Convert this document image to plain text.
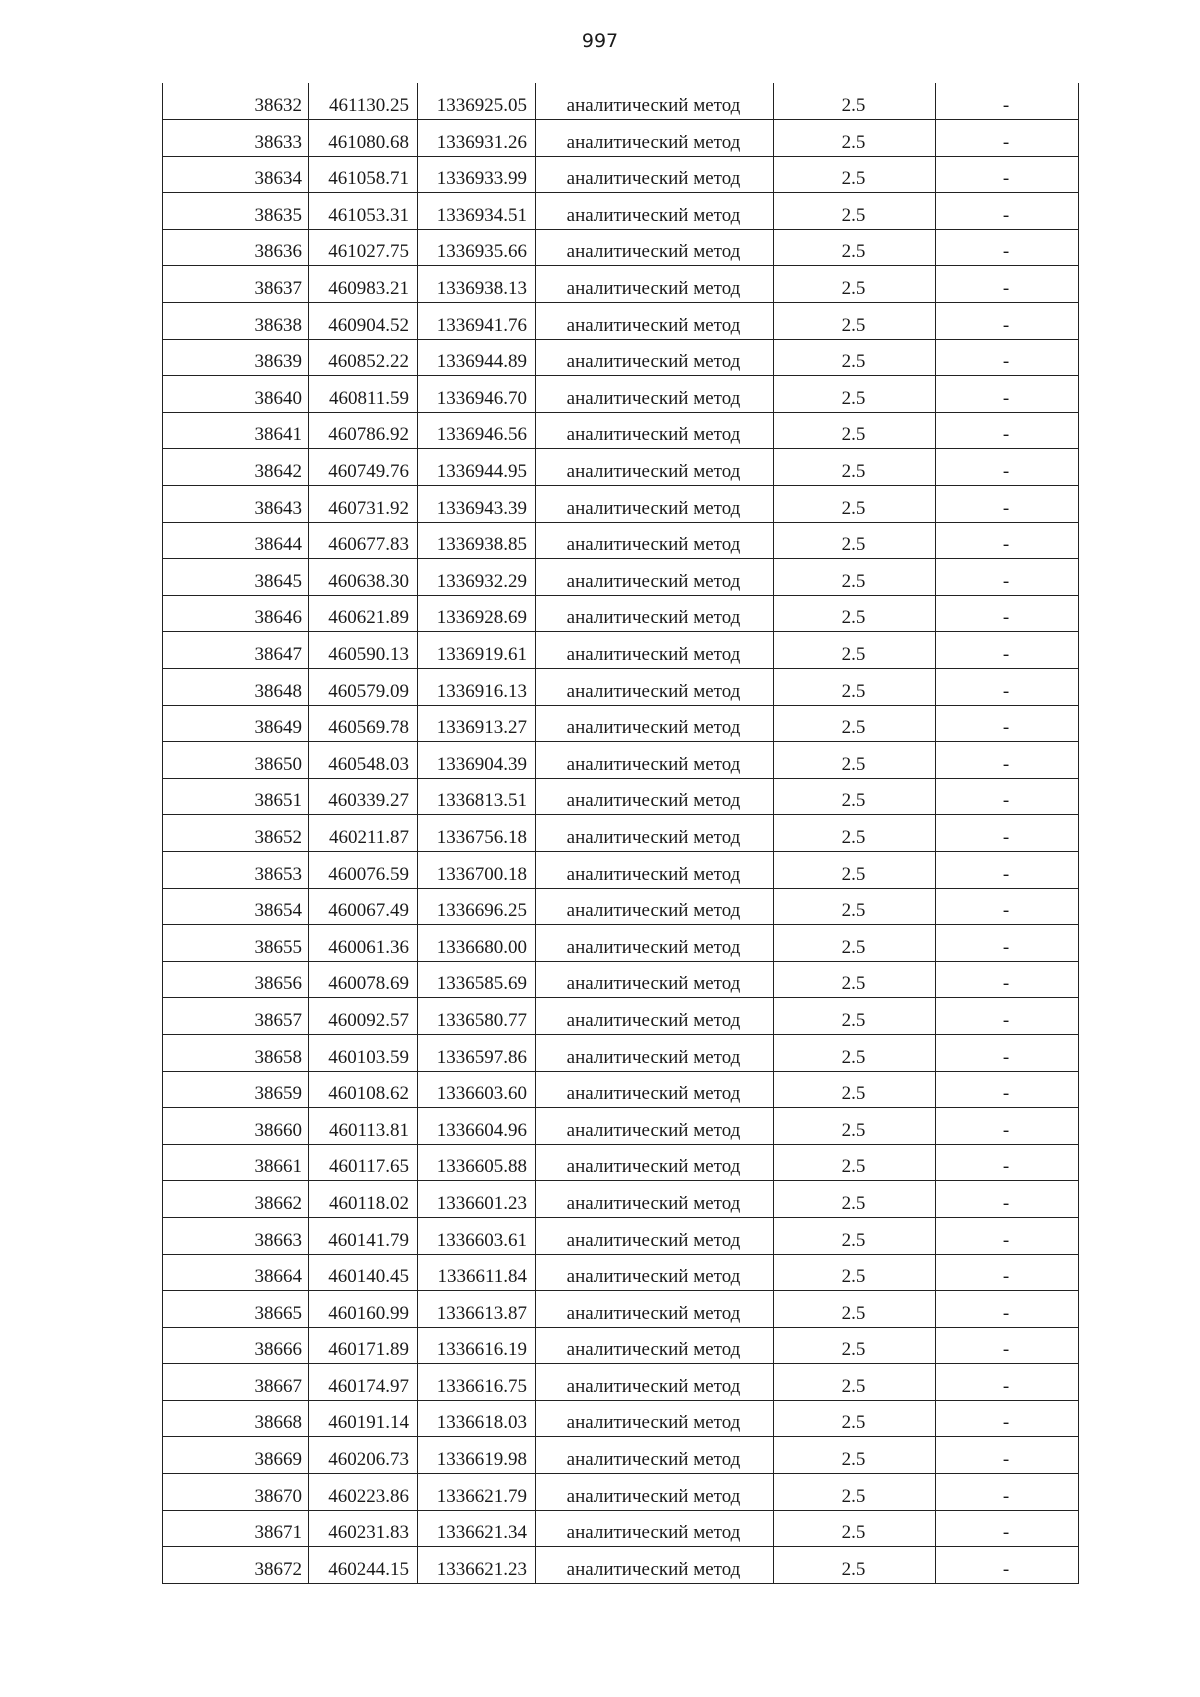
997
38632	461130.25	1336925.05	аналитический метод	2.5	-
38633	461080.68	1336931.26	аналитический метод	2.5	-
38634	461058.71	1336933.99	аналитический метод	2.5	-
38635	461053.31	1336934.51	аналитический метод	2.5	-
38636	461027.75	1336935.66	аналитический метод	2.5	-
38637	460983.21	1336938.13	аналитический метод	2.5	-
38638	460904.52	1336941.76	аналитический метод	2.5	-
38639	460852.22	1336944.89	аналитический метод	2.5	-
38640	460811.59	1336946.70	аналитический метод	2.5	-
38641	460786.92	1336946.56	аналитический метод	2.5	-
38642	460749.76	1336944.95	аналитический метод	2.5	-
38643	460731.92	1336943.39	аналитический метод	2.5	-
38644	460677.83	1336938.85	аналитический метод	2.5	-
38645	460638.30	1336932.29	аналитический метод	2.5	-
38646	460621.89	1336928.69	аналитический метод	2.5	-
38647	460590.13	1336919.61	аналитический метод	2.5	-
38648	460579.09	1336916.13	аналитический метод	2.5	-
38649	460569.78	1336913.27	аналитический метод	2.5	-
38650	460548.03	1336904.39	аналитический метод	2.5	-
38651	460339.27	1336813.51	аналитический метод	2.5	-
38652	460211.87	1336756.18	аналитический метод	2.5	-
38653	460076.59	1336700.18	аналитический метод	2.5	-
38654	460067.49	1336696.25	аналитический метод	2.5	-
38655	460061.36	1336680.00	аналитический метод	2.5	-
38656	460078.69	1336585.69	аналитический метод	2.5	-
38657	460092.57	1336580.77	аналитический метод	2.5	-
38658	460103.59	1336597.86	аналитический метод	2.5	-
38659	460108.62	1336603.60	аналитический метод	2.5	-
38660	460113.81	1336604.96	аналитический метод	2.5	-
38661	460117.65	1336605.88	аналитический метод	2.5	-
38662	460118.02	1336601.23	аналитический метод	2.5	-
38663	460141.79	1336603.61	аналитический метод	2.5	-
38664	460140.45	1336611.84	аналитический метод	2.5	-
38665	460160.99	1336613.87	аналитический метод	2.5	-
38666	460171.89	1336616.19	аналитический метод	2.5	-
38667	460174.97	1336616.75	аналитический метод	2.5	-
38668	460191.14	1336618.03	аналитический метод	2.5	-
38669	460206.73	1336619.98	аналитический метод	2.5	-
38670	460223.86	1336621.79	аналитический метод	2.5	-
38671	460231.83	1336621.34	аналитический метод	2.5	-
38672	460244.15	1336621.23	аналитический метод	2.5	-
